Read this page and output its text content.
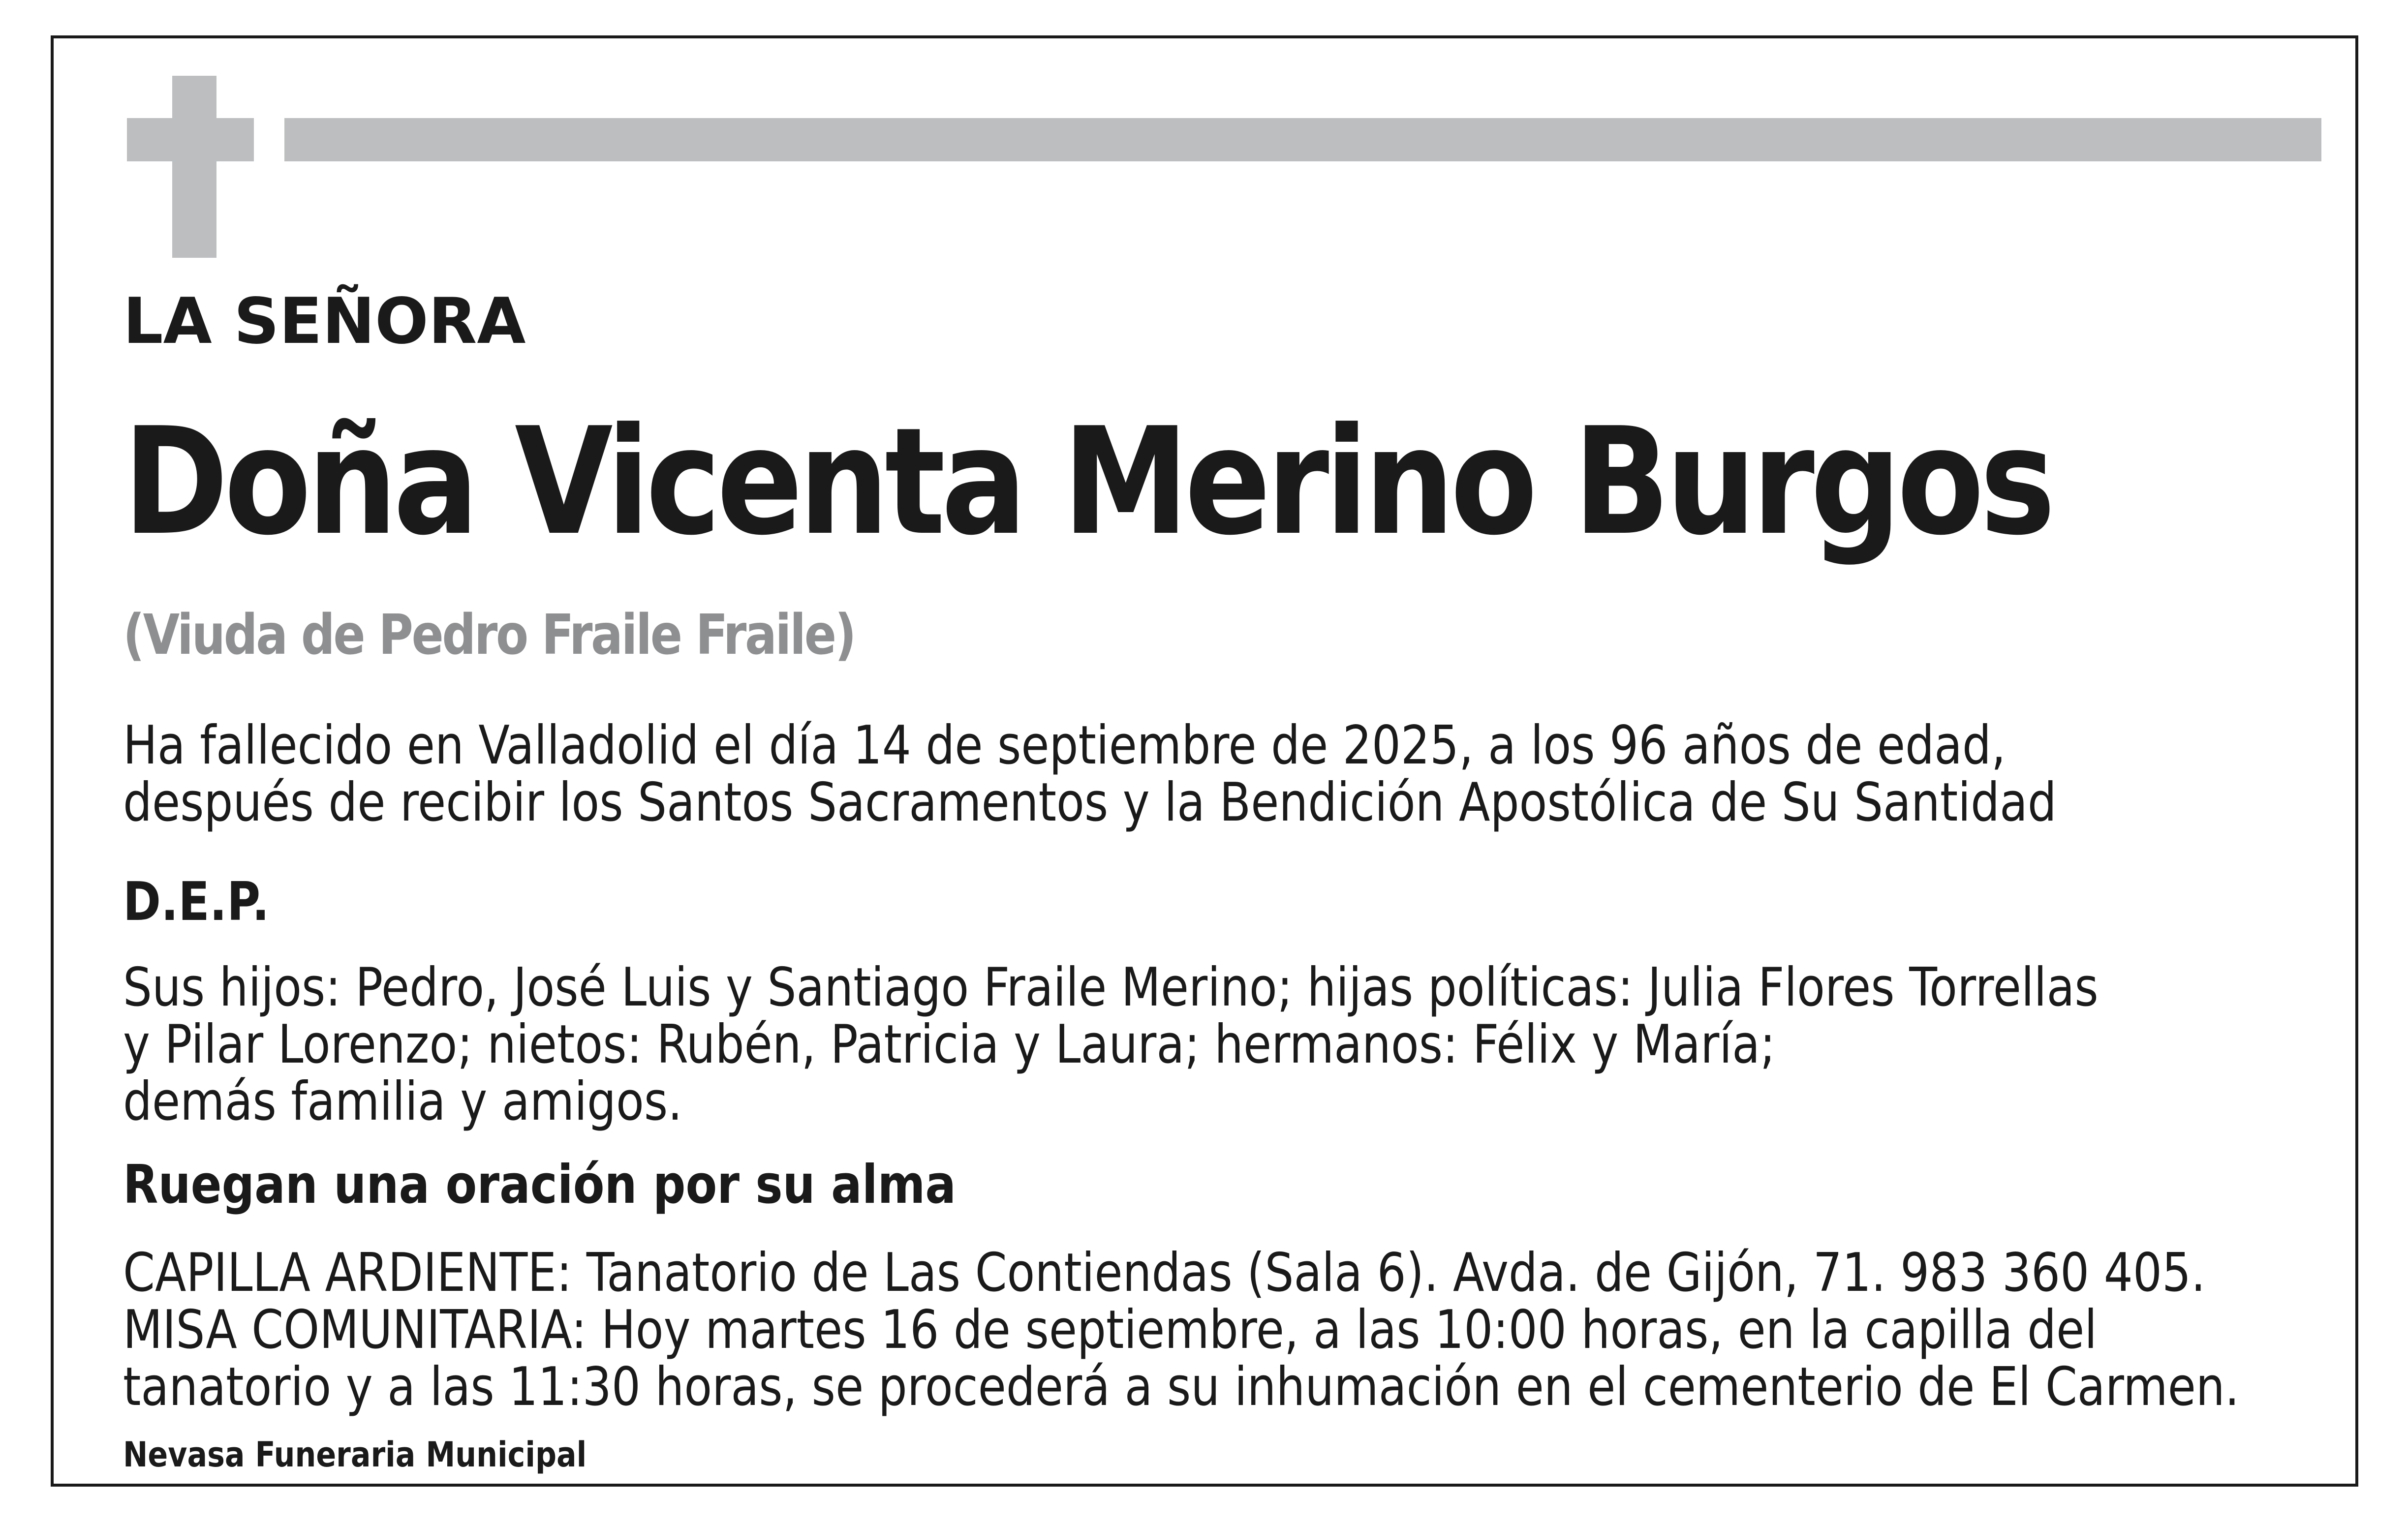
LA SEÑORA
Doña Vicenta Merino Burgos
(Viuda de Pedro Fraile Fraile)
Ha fallecido en Valladolid el día 14 de septiembre de 2025, a los 96 años de edad,
después de recibir los Santos Sacramentos y la Bendición Apostólica de Su Santidad
D.E.P.
Sus hijos: Pedro, José Luis y Santiago Fraile Merino; hijas políticas: Julia Flores Torrellas
y Pilar Lorenzo; nietos: Rubén, Patricia y Laura; hermanos: Félix y María;
demás familia y amigos.
Ruegan una oración por su alma
CAPILLA ARDIENTE: Tanatorio de Las Contiendas (Sala 6). Avda. de Gijón, 71. 983 360 405.
MISA COMUNITARIA: Hoy martes 16 de septiembre, a las 10:00 horas, en la capilla del
tanatorio y a las 11:30 horas, se procederá a su inhumación en el cementerio de El Carmen.
Nevasa Funeraria Municipal
